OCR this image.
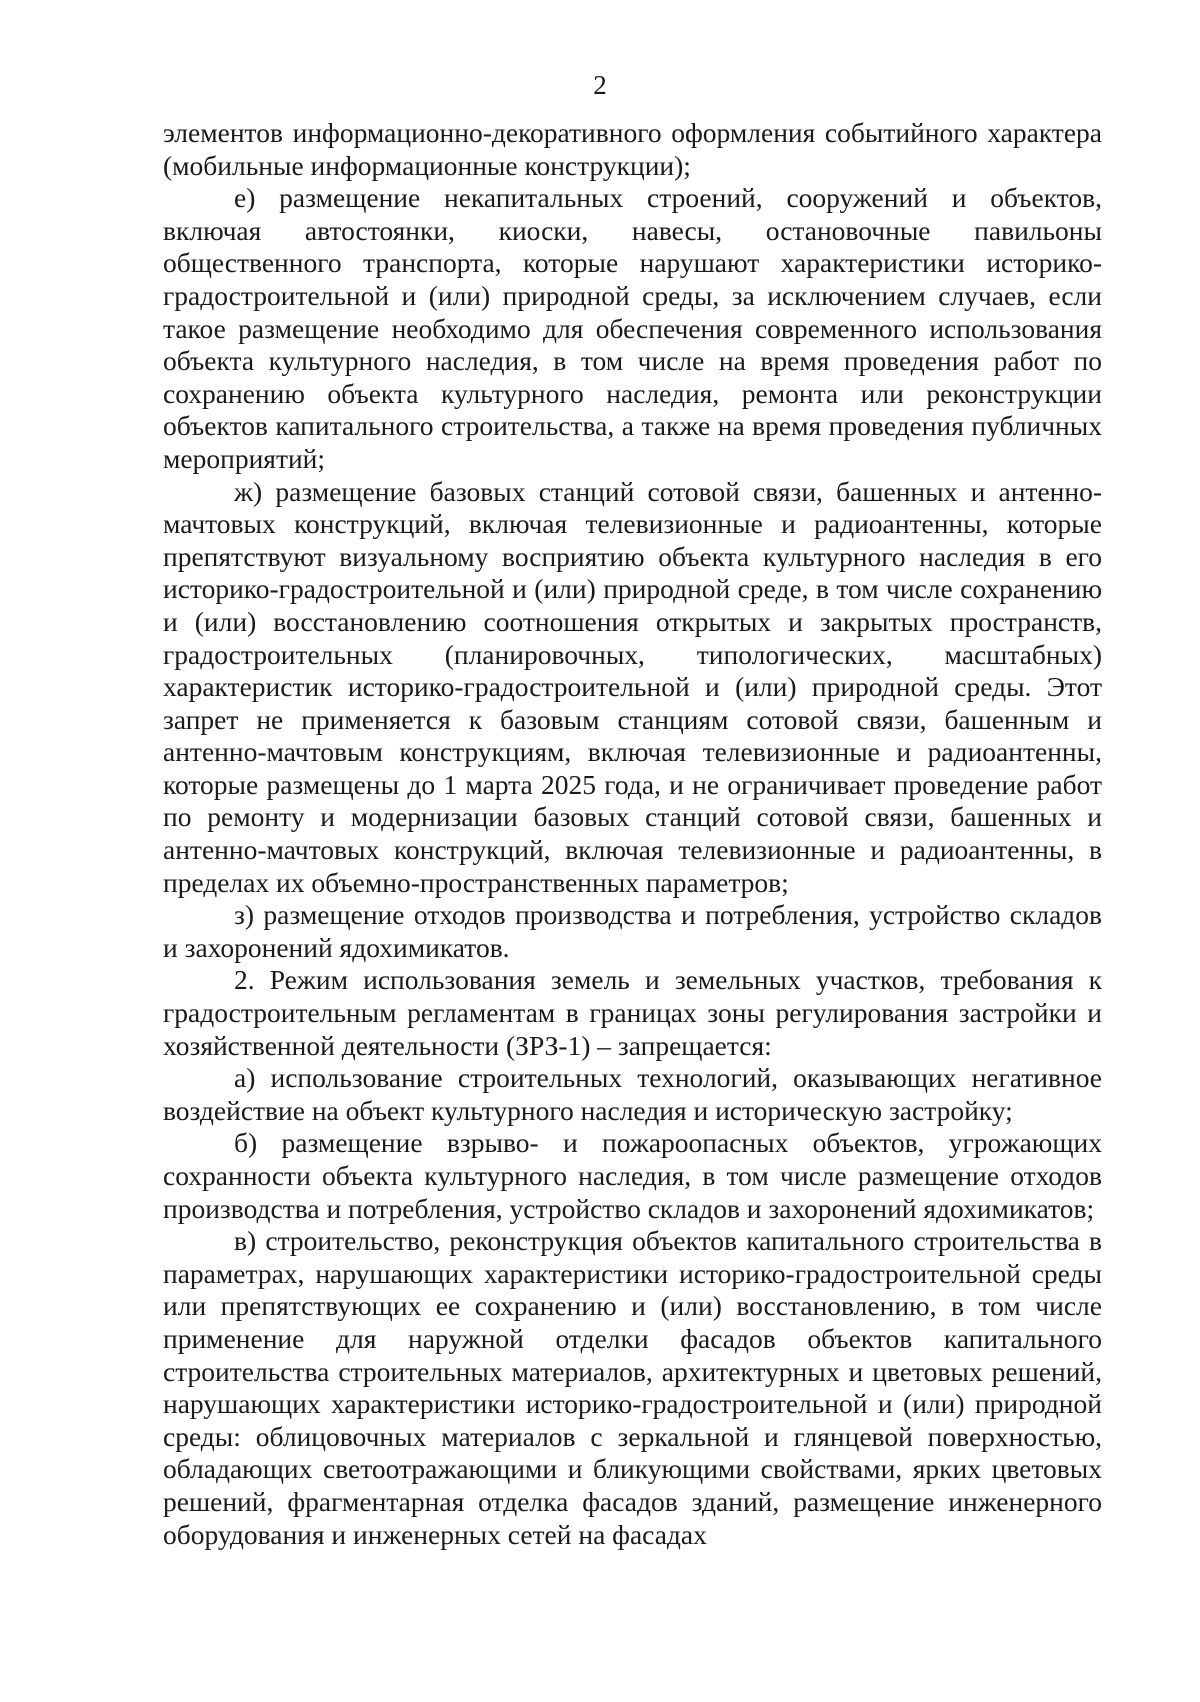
2

элементов информационно-декоративного оформления событийного характера (мобильные информационные конструкции);

е) размещение некапитальных строений, сооружений и объектов, включая автостоянки, киоски, навесы, остановочные павильоны общественного транспорта, которые нарушают характеристики историко-градостроительной и (или) природной среды, за исключением случаев, если такое размещение необходимо для обеспечения современного использования объекта культурного наследия, в том числе на время проведения работ по сохранению объекта культурного наследия, ремонта или реконструкции объектов капитального строительства, а также на время проведения публичных мероприятий;

ж) размещение базовых станций сотовой связи, башенных и антенно-мачтовых конструкций, включая телевизионные и радиоантенны, которые препятствуют визуальному восприятию объекта культурного наследия в его историко-градостроительной и (или) природной среде, в том числе сохранению и (или) восстановлению соотношения открытых и закрытых пространств, градостроительных (планировочных, типологических, масштабных) характеристик историко-градостроительной и (или) природной среды. Этот запрет не применяется к базовым станциям сотовой связи, башенным и антенно-мачтовым конструкциям, включая телевизионные и радиоантенны, которые размещены до 1 марта 2025 года, и не ограничивает проведение работ по ремонту и модернизации базовых станций сотовой связи, башенных и антенно-мачтовых конструкций, включая телевизионные и радиоантенны, в пределах их объемно-пространственных параметров;

з) размещение отходов производства и потребления, устройство складов и захоронений ядохимикатов.

2. Режим использования земель и земельных участков, требования к градостроительным регламентам в границах зоны регулирования застройки и хозяйственной деятельности (ЗРЗ-1) – запрещается:

а) использование строительных технологий, оказывающих негативное воздействие на объект культурного наследия и историческую застройку;

б) размещение взрыво- и пожароопасных объектов, угрожающих сохранности объекта культурного наследия, в том числе размещение отходов производства и потребления, устройство складов и захоронений ядохимикатов;

в) строительство, реконструкция объектов капитального строительства в параметрах, нарушающих характеристики историко-градостроительной среды или препятствующих ее сохранению и (или) восстановлению, в том числе применение для наружной отделки фасадов объектов капитального строительства строительных материалов, архитектурных и цветовых решений, нарушающих характеристики историко-градостроительной и (или) природной среды: облицовочных материалов с зеркальной и глянцевой поверхностью, обладающих светоотражающими и бликующими свойствами, ярких цветовых решений, фрагментарная отделка фасадов зданий, размещение инженерного оборудования и инженерных сетей на фасадах
